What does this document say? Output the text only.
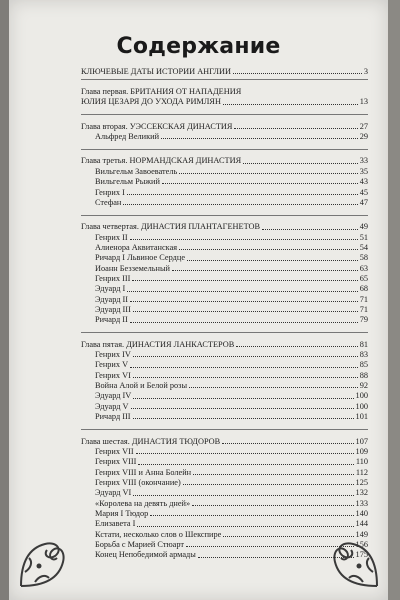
Содержание
КЛЮЧЕВЫЕ ДАТЫ ИСТОРИИ АНГЛИИ	3
Глава первая. БРИТАНИЯ ОТ НАПАДЕНИЯ
ЮЛИЯ ЦЕЗАРЯ ДО УХОДА РИМЛЯН	13
Глава вторая. УЭССЕКСКАЯ ДИНАСТИЯ	27
Альфред Великий	29
Глава третья. НОРМАНДСКАЯ ДИНАСТИЯ	33
Вильгельм Завоеватель	35
Вильгельм Рыжий	43
Генрих I	45
Стефан	47
Глава четвертая. ДИНАСТИЯ ПЛАНТАГЕНЕТОВ	49
Генрих II	51
Алиенора Аквитанская	54
Ричард I Львиное Сердце	58
Иоанн Безземельный	63
Генрих III	65
Эдуард I	68
Эдуард II	71
Эдуард III	71
Ричард II	79
Глава пятая. ДИНАСТИЯ ЛАНКАСТЕРОВ	81
Генрих IV	83
Генрих V	85
Генрих VI	88
Война Алой и Белой розы	92
Эдуард IV	100
Эдуард V	100
Ричард III	101
Глава шестая. ДИНАСТИЯ ТЮДОРОВ	107
Генрих VII	109
Генрих VIII	110
Генрих VIII и Анна Болейн	112
Генрих VIII (окончание)	125
Эдуард VI	132
«Королева на девять дней»	133
Мария I Тюдор	140
Елизавета I	144
Кстати, несколько слов о Шекспире	149
Борьба с Марией Стюарт	156
Конец Непобедимой армады	175
